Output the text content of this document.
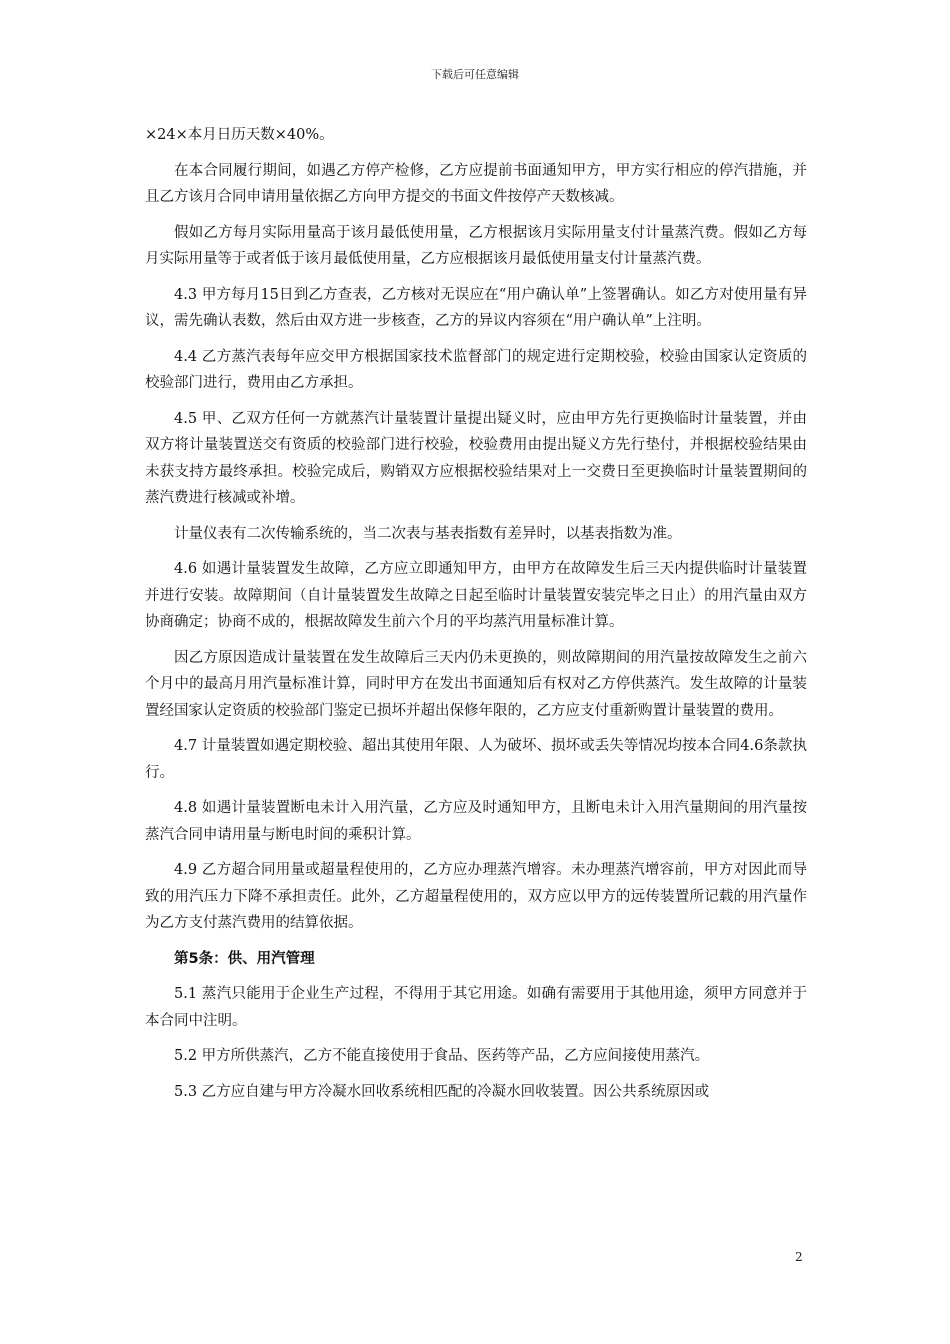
下载后可任意编辑

×24×本月日历天数×40%。

在本合同履行期间，如遇乙方停产检修，乙方应提前书面通知甲方，甲方实行相应的停汽措施，并且乙方该月合同申请用量依据乙方向甲方提交的书面文件按停产天数核减。

假如乙方每月实际用量高于该月最低使用量，乙方根据该月实际用量支付计量蒸汽费。假如乙方每月实际用量等于或者低于该月最低使用量，乙方应根据该月最低使用量支付计量蒸汽费。

4.3 甲方每月15日到乙方查表，乙方核对无误应在“用户确认单”上签署确认。如乙方对使用量有异议，需先确认表数，然后由双方进一步核查，乙方的异议内容须在“用户确认单”上注明。

4.4 乙方蒸汽表每年应交甲方根据国家技术监督部门的规定进行定期校验，校验由国家认定资质的校验部门进行，费用由乙方承担。

4.5 甲、乙双方任何一方就蒸汽计量装置计量提出疑义时，应由甲方先行更换临时计量装置，并由双方将计量装置送交有资质的校验部门进行校验，校验费用由提出疑义方先行垫付，并根据校验结果由未获支持方最终承担。校验完成后，购销双方应根据校验结果对上一交费日至更换临时计量装置期间的蒸汽费进行核减或补增。

计量仪表有二次传输系统的，当二次表与基表指数有差异时，以基表指数为准。

4.6 如遇计量装置发生故障，乙方应立即通知甲方，由甲方在故障发生后三天内提供临时计量装置并进行安装。故障期间（自计量装置发生故障之日起至临时计量装置安装完毕之日止）的用汽量由双方协商确定；协商不成的，根据故障发生前六个月的平均蒸汽用量标准计算。

因乙方原因造成计量装置在发生故障后三天内仍未更换的，则故障期间的用汽量按故障发生之前六个月中的最高月用汽量标准计算，同时甲方在发出书面通知后有权对乙方停供蒸汽。发生故障的计量装置经国家认定资质的校验部门鉴定已损坏并超出保修年限的，乙方应支付重新购置计量装置的费用。

4.7 计量装置如遇定期校验、超出其使用年限、人为破坏、损坏或丢失等情况均按本合同4.6条款执行。

4.8 如遇计量装置断电未计入用汽量，乙方应及时通知甲方，且断电未计入用汽量期间的用汽量按蒸汽合同申请用量与断电时间的乘积计算。

4.9 乙方超合同用量或超量程使用的，乙方应办理蒸汽增容。未办理蒸汽增容前，甲方对因此而导致的用汽压力下降不承担责任。此外，乙方超量程使用的，双方应以甲方的远传装置所记载的用汽量作为乙方支付蒸汽费用的结算依据。

第5条：供、用汽管理

5.1 蒸汽只能用于企业生产过程，不得用于其它用途。如确有需要用于其他用途，须甲方同意并于本合同中注明。

5.2 甲方所供蒸汽，乙方不能直接使用于食品、医药等产品，乙方应间接使用蒸汽。

5.3 乙方应自建与甲方冷凝水回收系统相匹配的冷凝水回收装置。因公共系统原因或

2
